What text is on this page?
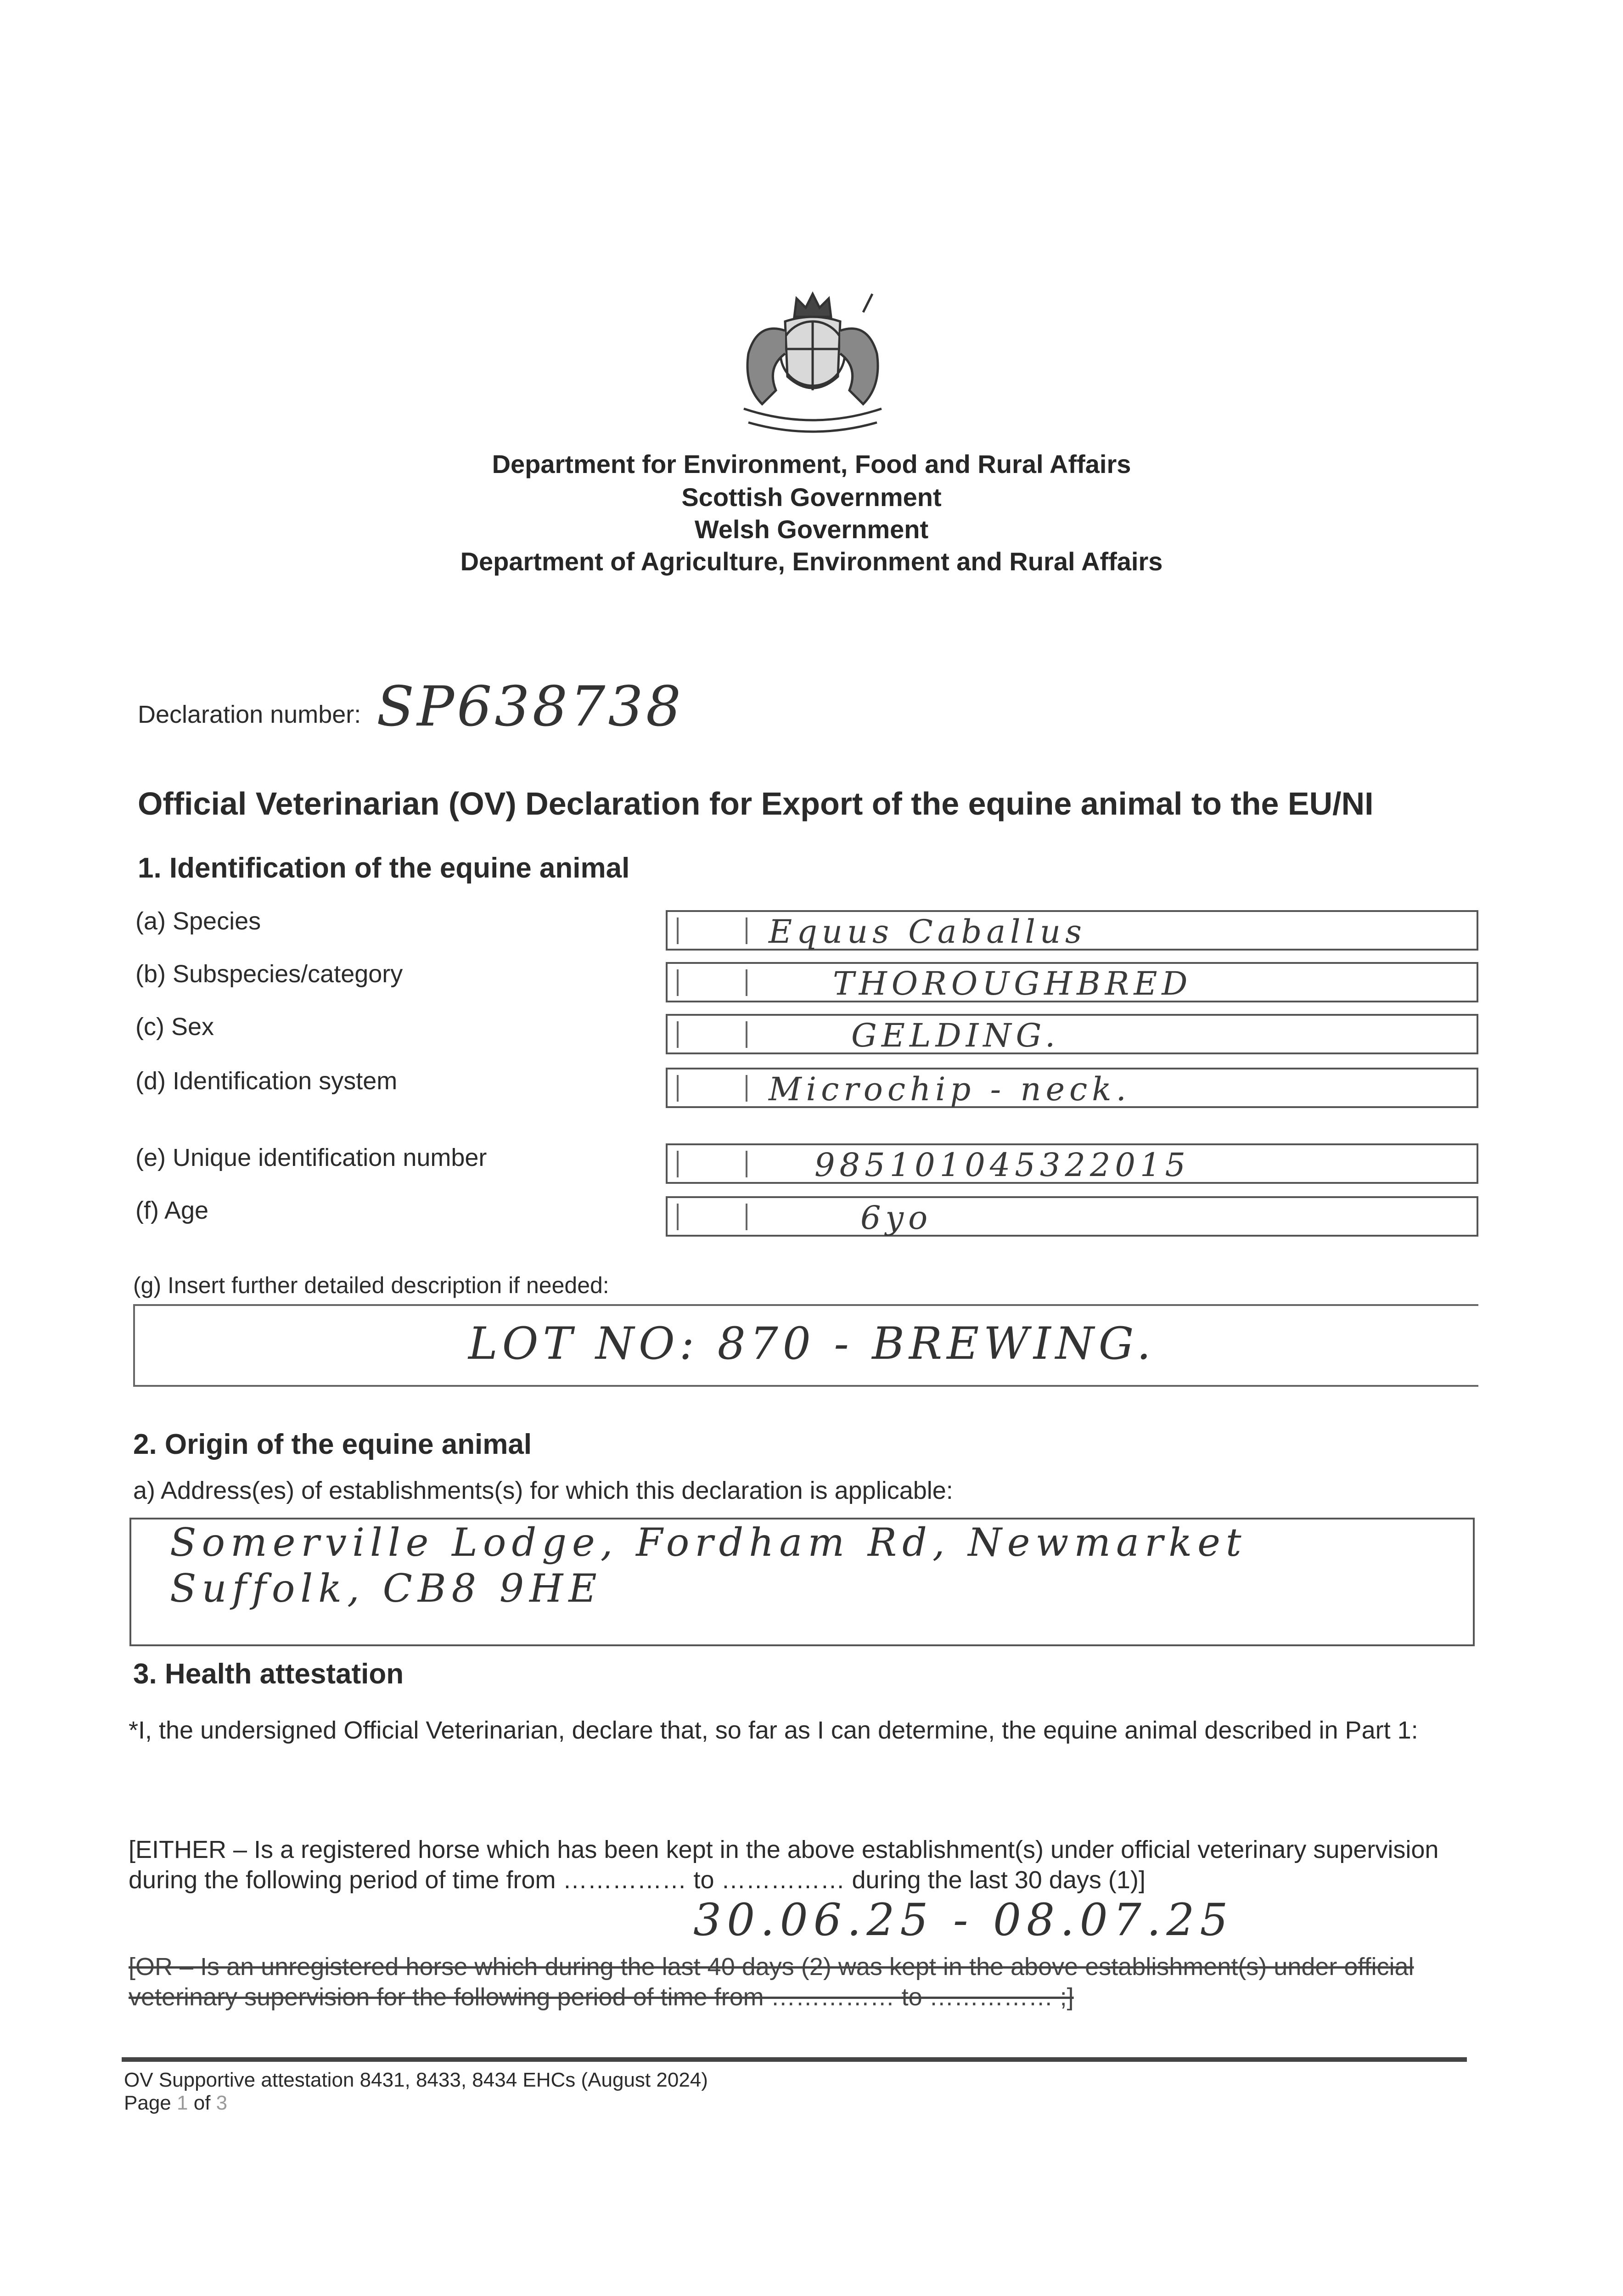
Department for Environment, Food and Rural Affairs
Scottish Government
Welsh Government
Department of Agriculture, Environment and Rural Affairs
Declaration number: SP638738
Official Veterinarian (OV) Declaration for Export of the equine animal to the EU/NI
1. Identification of the equine animal
(a) Species	Equus Caballus
(b) Subspecies/category	THOROUGHBRED
(c) Sex	GELDING.
(d) Identification system	Microchip - neck.
(e) Unique identification number	985101045322015
(f) Age	6yo
(g) Insert further detailed description if needed:
LOT NO: 870 - BREWING.
2. Origin of the equine animal
a) Address(es) of establishments(s) for which this declaration is applicable:
Somerville Lodge, Fordham Rd, Newmarket
Suffolk, CB8 9HE
3. Health attestation
*I, the undersigned Official Veterinarian, declare that, so far as I can determine, the equine animal described in Part 1:
[EITHER – Is a registered horse which has been kept in the above establishment(s) under official veterinary supervision during the following period of time from …………… to …………… during the last 30 days (1)]
30.06.25 - 08.07.25
[OR – Is an unregistered horse which during the last 40 days (2) was kept in the above establishment(s) under official veterinary supervision for the following period of time from …………… to …………… ;]
OV Supportive attestation 8431, 8433, 8434 EHCs (August 2024)
Page 1 of 3
